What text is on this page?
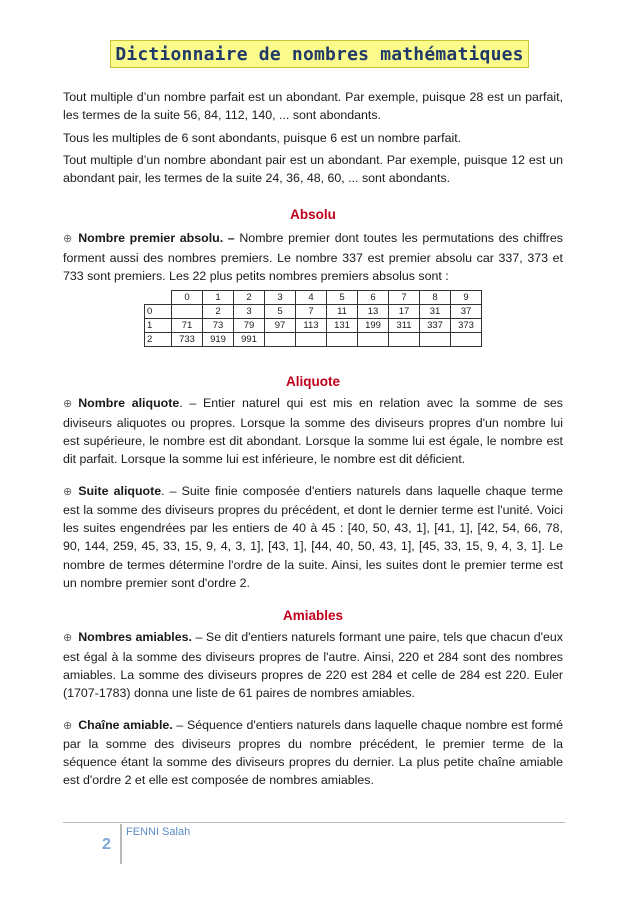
Dictionnaire de nombres mathématiques

Tout multiple d’un nombre parfait est un abondant. Par exemple, puisque 28 est un parfait, les termes de la suite 56, 84, 112, 140, ... sont abondants.

Tous les multiples de 6 sont abondants, puisque 6 est un nombre parfait.

Tout multiple d’un nombre abondant pair est un abondant. Par exemple, puisque 12 est un abondant pair, les termes de la suite 24, 36, 48, 60, ... sont abondants.

Absolu

⊕ Nombre premier absolu. – Nombre premier dont toutes les permutations des chiffres forment aussi des nombres premiers. Le nombre 337 est premier absolu car 337, 373 et 733 sont premiers. Les 22 plus petits nombres premiers absolus sont :

	0	1	2	3	4	5	6	7	8	9
0		2	3	5	7	11	13	17	31	37
1	71	73	79	97	113	131	199	311	337	373
2	733	919	991							

Aliquote

⊕ Nombre aliquote. – Entier naturel qui est mis en relation avec la somme de ses diviseurs aliquotes ou propres. Lorsque la somme des diviseurs propres d'un nombre lui est supérieure, le nombre est dit abondant. Lorsque la somme lui est égale, le nombre est dit parfait. Lorsque la somme lui est inférieure, le nombre est dit déficient.

⊕ Suite aliquote. – Suite finie composée d'entiers naturels dans laquelle chaque terme est la somme des diviseurs propres du précédent, et dont le dernier terme est l'unité. Voici les suites engendrées par les entiers de 40 à 45 : [40, 50, 43, 1], [41, 1], [42, 54, 66, 78, 90, 144, 259, 45, 33, 15, 9, 4, 3, 1], [43, 1], [44, 40, 50, 43, 1], [45, 33, 15, 9, 4, 3, 1]. Le nombre de termes détermine l'ordre de la suite. Ainsi, les suites dont le premier terme est un nombre premier sont d'ordre 2.

Amiables

⊕ Nombres amiables. – Se dit d'entiers naturels formant une paire, tels que chacun d'eux est égal à la somme des diviseurs propres de l'autre. Ainsi, 220 et 284 sont des nombres amiables. La somme des diviseurs propres de 220 est 284 et celle de 284 est 220. Euler (1707-1783) donna une liste de 61 paires de nombres amiables.

⊕ Chaîne amiable. – Séquence d'entiers naturels dans laquelle chaque nombre est formé par la somme des diviseurs propres du nombre précédent, le premier terme de la séquence étant la somme des diviseurs propres du dernier. La plus petite chaîne amiable est d'ordre 2 et elle est composée de nombres amiables.

2
FENNI Salah
